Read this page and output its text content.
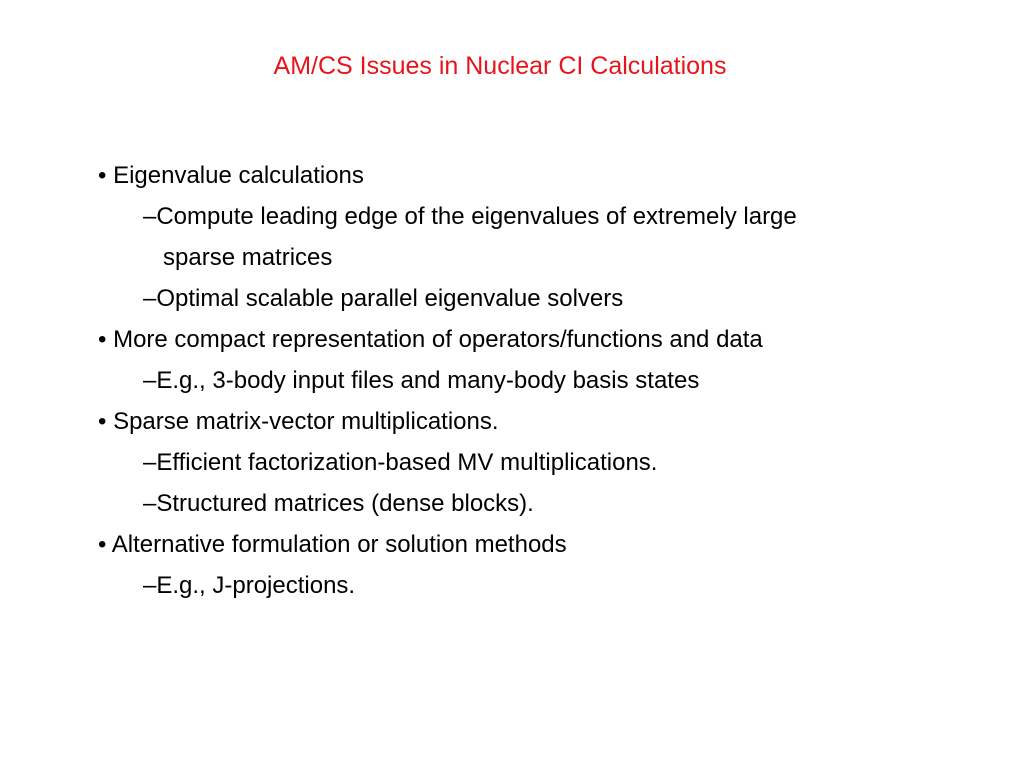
AM/CS Issues in Nuclear CI Calculations
• Eigenvalue calculations
–Compute leading edge of the eigenvalues of extremely large
sparse matrices
–Optimal scalable parallel eigenvalue solvers
• More compact representation of operators/functions and data
–E.g., 3-body input files and many-body basis states
• Sparse matrix-vector multiplications.
–Efficient factorization-based MV multiplications.
–Structured matrices (dense blocks).
• Alternative formulation or solution methods
–E.g., J-projections.
